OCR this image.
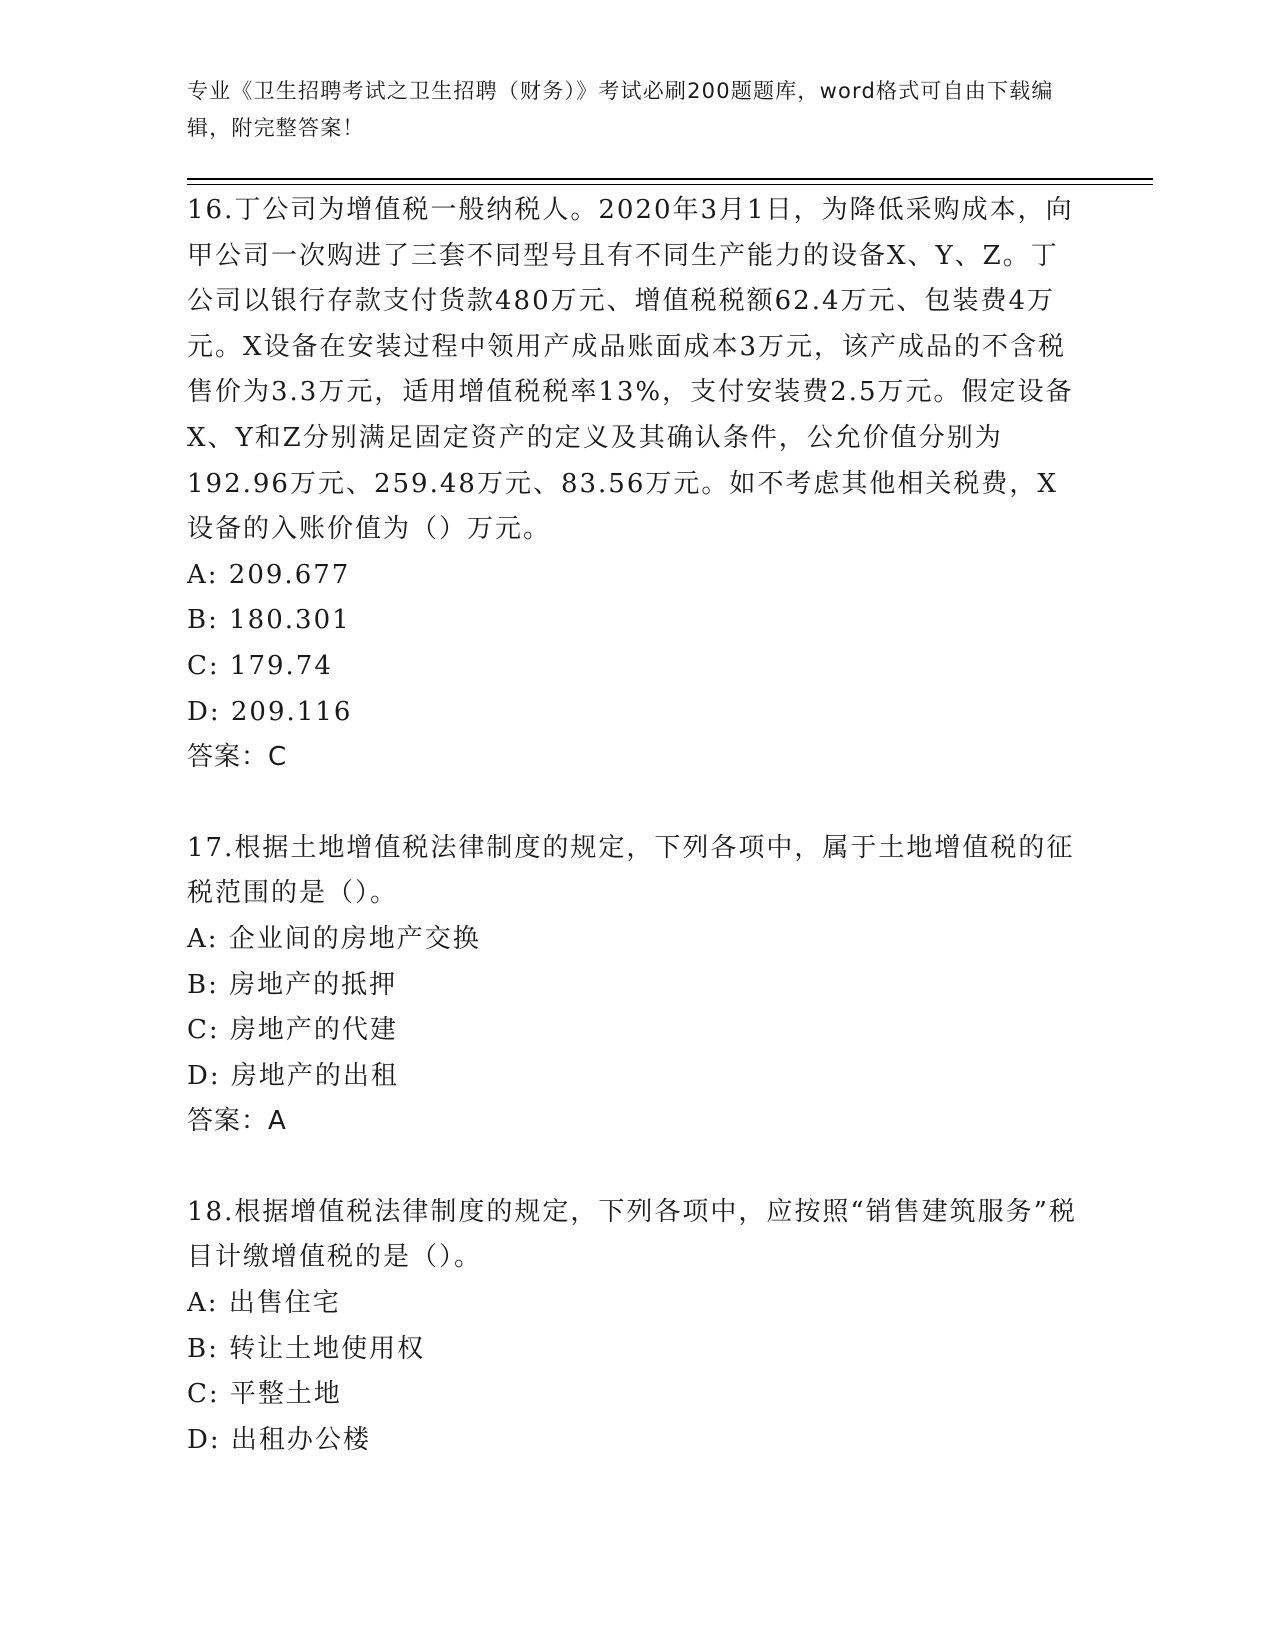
专业《卫生招聘考试之卫生招聘（财务）》考试必刷200题题库，word格式可自由下载编辑，附完整答案！

16.丁公司为增值税一般纳税人。2020年3月1日，为降低采购成本，向甲公司一次购进了三套不同型号且有不同生产能力的设备X、Y、Z。丁公司以银行存款支付货款480万元、增值税税额62.4万元、包装费4万元。X设备在安装过程中领用产成品账面成本3万元，该产成品的不含税售价为3.3万元，适用增值税税率13%，支付安装费2.5万元。假定设备X、Y和Z分别满足固定资产的定义及其确认条件，公允价值分别为192.96万元、259.48万元、83.56万元。如不考虑其他相关税费，X设备的入账价值为（）万元。

A: 209.677

B: 180.301

C: 179.74

D: 209.116

答案：C

17.根据土地增值税法律制度的规定，下列各项中，属于土地增值税的征税范围的是（）。

A: 企业间的房地产交换

B: 房地产的抵押

C: 房地产的代建

D: 房地产的出租

答案：A

18.根据增值税法律制度的规定，下列各项中，应按照“销售建筑服务”税目计缴增值税的是（）。

A: 出售住宅

B: 转让土地使用权

C: 平整土地

D: 出租办公楼
